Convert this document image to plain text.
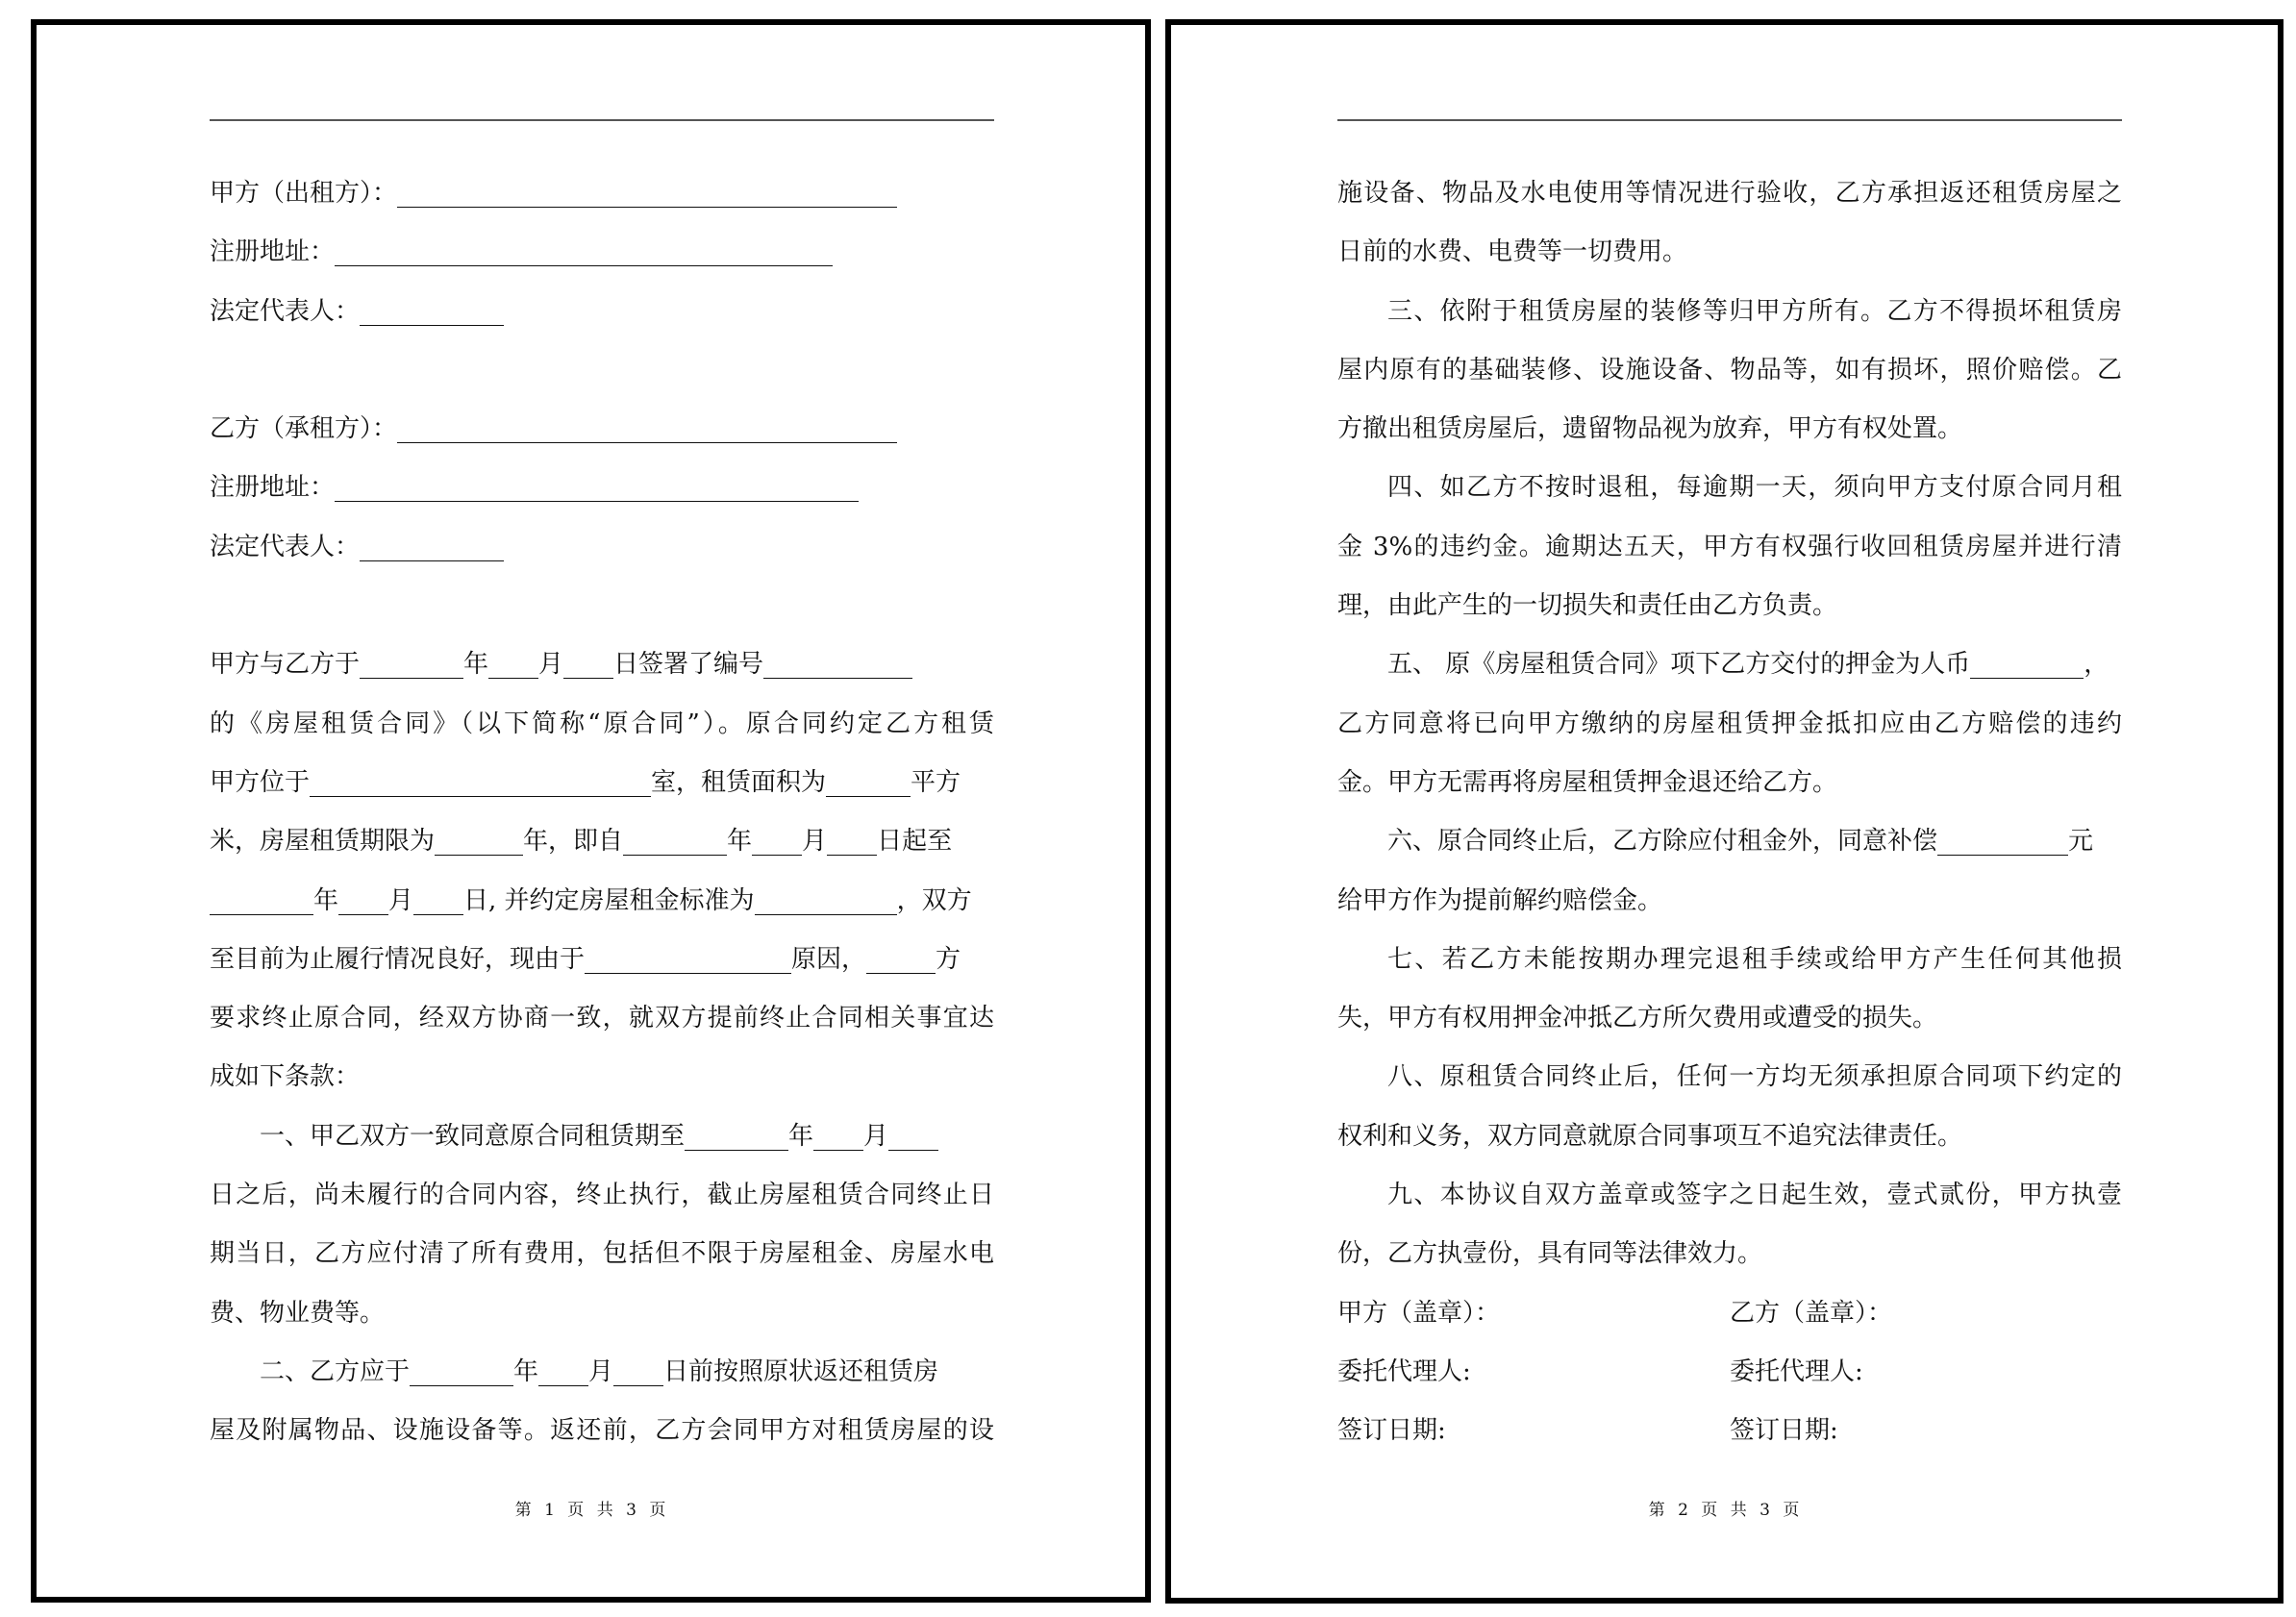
甲方（出租方）：
注册地址：
法定代表人：
乙方（承租方）：
注册地址：
法定代表人：
甲方与乙方于	年 月 日签署了编号
的《房屋租赁合同》（以下简称“原合同”）。原合同约定乙方租赁
甲方位于	室，租赁面积为	平方
米，房屋租赁期限为	年，即自	年 月 日起至
年 月 日, 并约定房屋租金标准为	，双方
至目前为止履行情况良好，现由于	原因，	方
要求终止原合同，经双方协商一致，就双方提前终止合同相关事宜达
成如下条款：
一、甲乙双方一致同意原合同租赁期至	年 月
日之后，尚未履行的合同内容，终止执行，截止房屋租赁合同终止日
期当日，乙方应付清了所有费用，包括但不限于房屋租金、房屋水电
费、物业费等。
二、乙方应于	年 月 日前按照原状返还租赁房
屋及附属物品、设施设备等。返还前，乙方会同甲方对租赁房屋的设
第 1 页 共 3 页
施设备、物品及水电使用等情况进行验收，乙方承担返还租赁房屋之
日前的水费、电费等一切费用。
三、依附于租赁房屋的装修等归甲方所有。乙方不得损坏租赁房
屋内原有的基础装修、设施设备、物品等，如有损坏，照价赔偿。乙
方撤出租赁房屋后，遗留物品视为放弃，甲方有权处置。
四、如乙方不按时退租，每逾期一天，须向甲方支付原合同月租
金 3%的违约金。逾期达五天，甲方有权强行收回租赁房屋并进行清
理，由此产生的一切损失和责任由乙方负责。
五、 原《房屋租赁合同》项下乙方交付的押金为人币	，
乙方同意将已向甲方缴纳的房屋租赁押金抵扣应由乙方赔偿的违约
金。甲方无需再将房屋租赁押金退还给乙方。
六、原合同终止后，乙方除应付租金外，同意补偿	元
给甲方作为提前解约赔偿金。
七、若乙方未能按期办理完退租手续或给甲方产生任何其他损
失，甲方有权用押金冲抵乙方所欠费用或遭受的损失。
八、原租赁合同终止后，任何一方均无须承担原合同项下约定的
权利和义务，双方同意就原合同事项互不追究法律责任。
九、本协议自双方盖章或签字之日起生效，壹式贰份，甲方执壹
份，乙方执壹份，具有同等法律效力。
甲方（盖章）：	乙方（盖章）：
委托代理人:	委托代理人:
签订日期:	签订日期:
第 2 页 共 3 页
